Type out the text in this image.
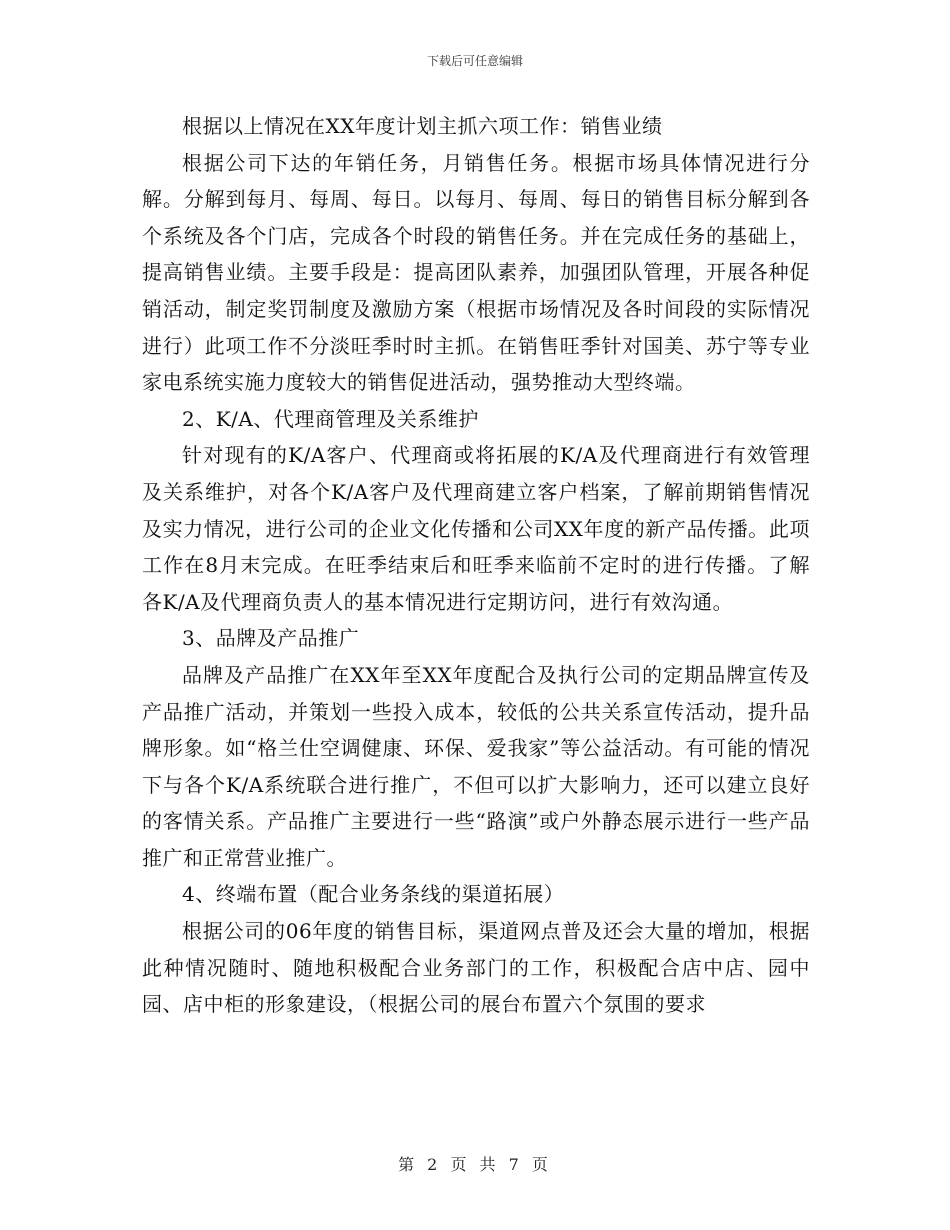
下载后可任意编辑

根据以上情况在XX年度计划主抓六项工作：销售业绩

根据公司下达的年销任务，月销售任务。根据市场具体情况进行分解。分解到每月、每周、每日。以每月、每周、每日的销售目标分解到各个系统及各个门店，完成各个时段的销售任务。并在完成任务的基础上，提高销售业绩。主要手段是：提高团队素养，加强团队管理，开展各种促销活动，制定奖罚制度及激励方案（根据市场情况及各时间段的实际情况进行）此项工作不分淡旺季时时主抓。在销售旺季针对国美、苏宁等专业家电系统实施力度较大的销售促进活动，强势推动大型终端。

2、K/A、代理商管理及关系维护

针对现有的K/A客户、代理商或将拓展的K/A及代理商进行有效管理及关系维护，对各个K/A客户及代理商建立客户档案，了解前期销售情况及实力情况，进行公司的企业文化传播和公司XX年度的新产品传播。此项工作在8月末完成。在旺季结束后和旺季来临前不定时的进行传播。了解各K/A及代理商负责人的基本情况进行定期访问，进行有效沟通。

3、品牌及产品推广

品牌及产品推广在XX年至XX年度配合及执行公司的定期品牌宣传及产品推广活动，并策划一些投入成本，较低的公共关系宣传活动，提升品牌形象。如“格兰仕空调健康、环保、爱我家”等公益活动。有可能的情况下与各个K/A系统联合进行推广，不但可以扩大影响力，还可以建立良好的客情关系。产品推广主要进行一些“路演”或户外静态展示进行一些产品推广和正常营业推广。

4、终端布置（配合业务条线的渠道拓展）

根据公司的06年度的销售目标，渠道网点普及还会大量的增加，根据此种情况随时、随地积极配合业务部门的工作，积极配合店中店、园中园、店中柜的形象建设，（根据公司的展台布置六个氛围的要求

第 2 页 共 7 页
